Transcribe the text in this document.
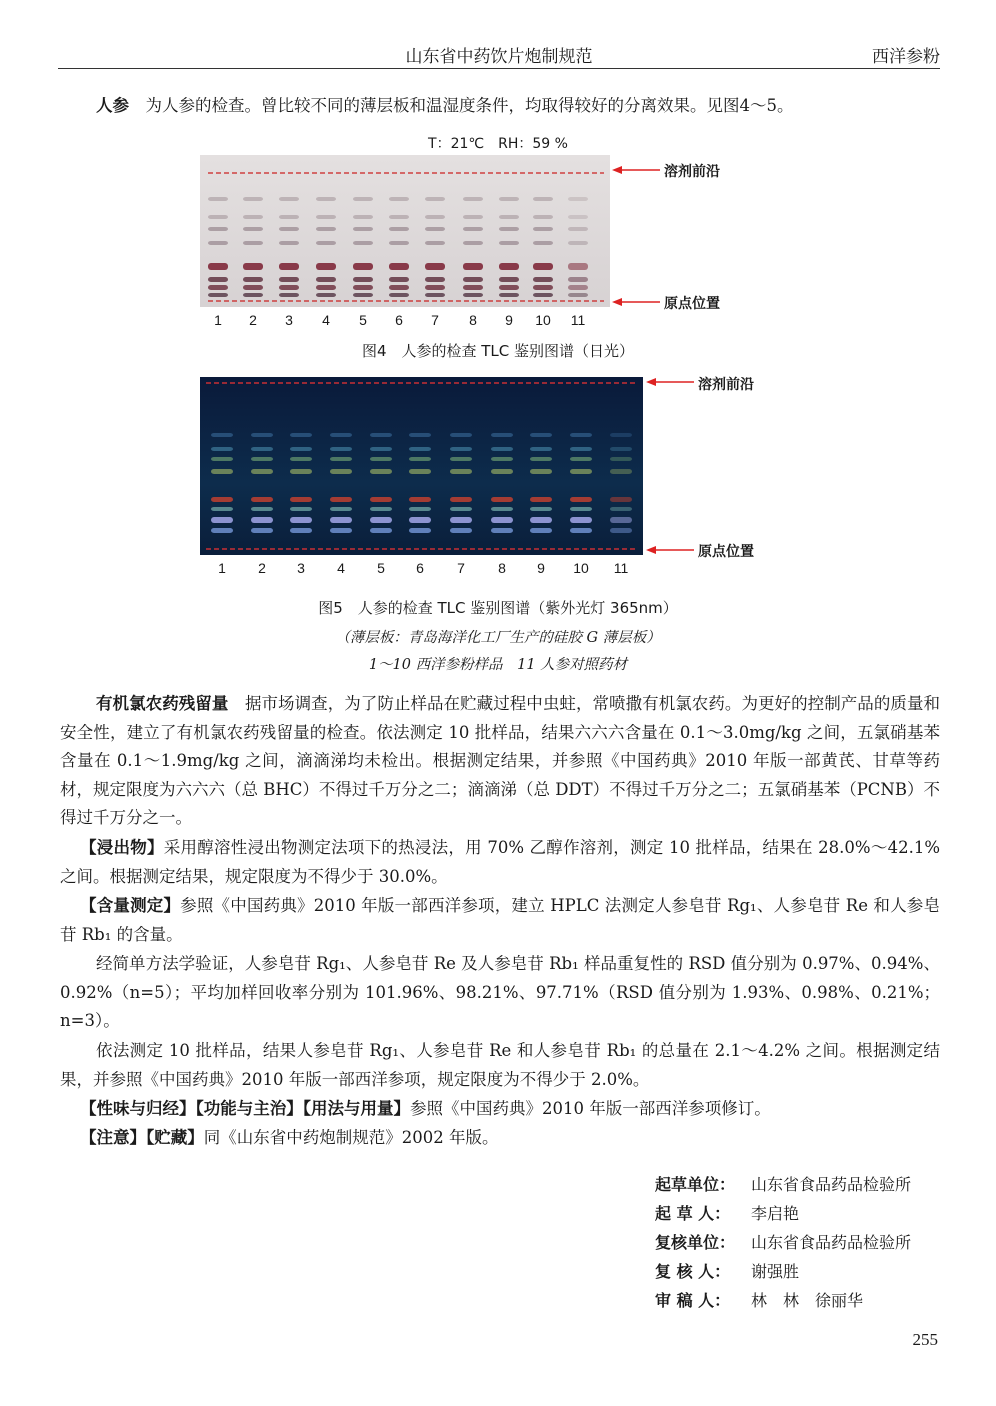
山东省中药饮片炮制规范	西洋参粉

人参　 为人参的检查。曾比较不同的薄层板和温湿度条件，均取得较好的分离效果。见图4～5。

T：21℃　RH：59 %
溶剂前沿
原点位置
1	2	3	4	5	6	7	8	9	10	11
图4　人参的检查 TLC 鉴别图谱（日光）
溶剂前沿
原点位置
1	2	3	4	5	6	7	8	9	10	11
图5　人参的检查 TLC 鉴别图谱（紫外光灯 365nm）
（薄层板：青岛海洋化工厂生产的硅胶 G 薄层板）
1～10 西洋参粉样品　11 人参对照药材

有机氯农药残留量　据市场调查，为了防止样品在贮藏过程中虫蛀，常喷撒有机氯农药。为更好的控制产品的质量和安全性，建立了有机氯农药残留量的检查。依法测定 10 批样品，结果六六六含量在 0.1～3.0mg/kg 之间，五氯硝基苯含量在 0.1～1.9mg/kg 之间，滴滴涕均未检出。根据测定结果，并参照《中国药典》2010 年版一部黄芪、甘草等药材，规定限度为六六六（总 BHC）不得过千万分之二；滴滴涕（总 DDT）不得过千万分之二；五氯硝基苯（PCNB）不得过千万分之一。

【浸出物】采用醇溶性浸出物测定法项下的热浸法，用 70% 乙醇作溶剂，测定 10 批样品，结果在 28.0%～42.1% 之间。根据测定结果，规定限度为不得少于 30.0%。

【含量测定】参照《中国药典》2010 年版一部西洋参项，建立 HPLC 法测定人参皂苷 Rg₁、人参皂苷 Re 和人参皂苷 Rb₁ 的含量。

经简单方法学验证，人参皂苷 Rg₁、人参皂苷 Re 及人参皂苷 Rb₁ 样品重复性的 RSD 值分别为 0.97%、0.94%、0.92%（n=5）；平均加样回收率分别为 101.96%、98.21%、97.71%（RSD 值分别为 1.93%、0.98%、0.21%；n=3）。

依法测定 10 批样品，结果人参皂苷 Rg₁、人参皂苷 Re 和人参皂苷 Rb₁ 的总量在 2.1～4.2% 之间。根据测定结果，并参照《中国药典》2010 年版一部西洋参项，规定限度为不得少于 2.0%。

【性味与归经】【功能与主治】【用法与用量】参照《中国药典》2010 年版一部西洋参项修订。

【注意】【贮藏】同《山东省中药炮制规范》2002 年版。

起草单位： 山东省食品药品检验所
起 草 人： 李启艳
复核单位： 山东省食品药品检验所
复 核 人： 谢强胜
审 稿 人： 林　林　徐丽华
255
